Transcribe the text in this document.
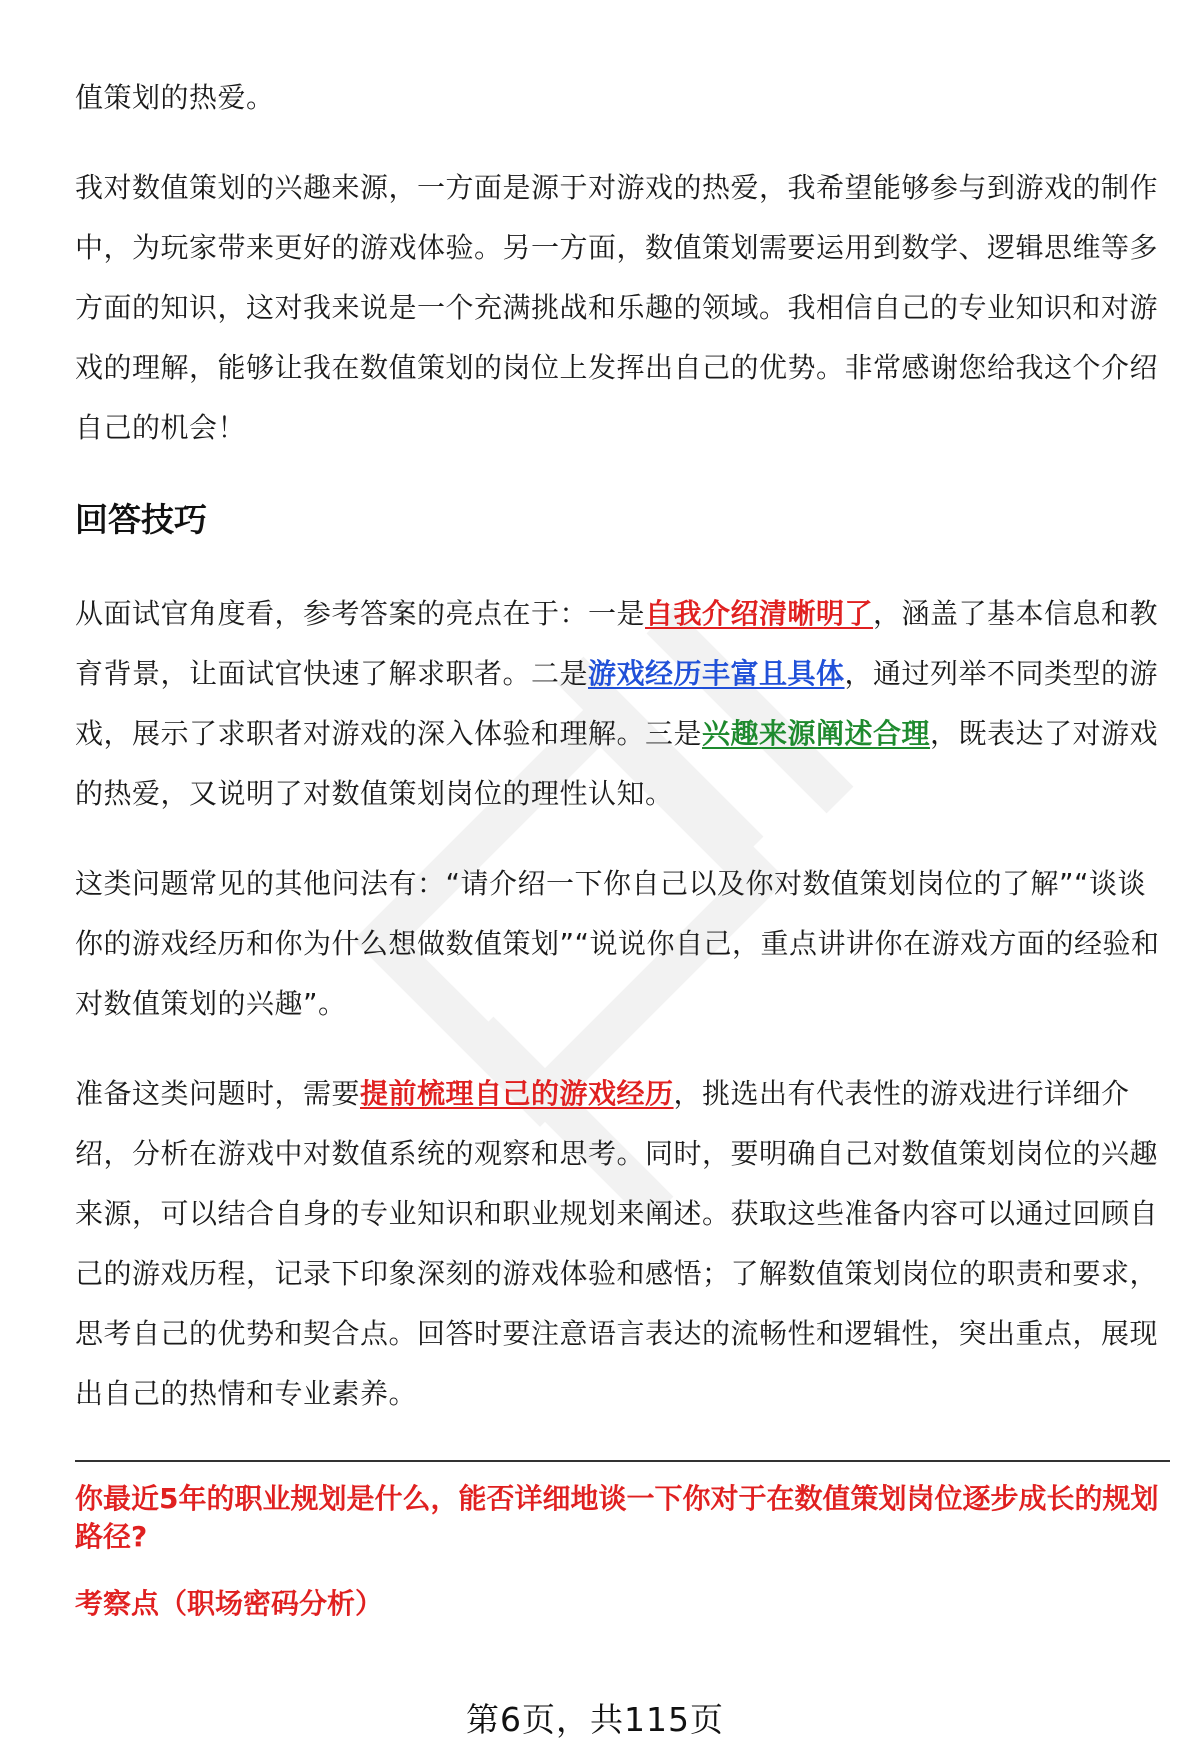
值策划的热爱。

我对数值策划的兴趣来源，一方面是源于对游戏的热爱，我希望能够参与到游戏的制作中，为玩家带来更好的游戏体验。另一方面，数值策划需要运用到数学、逻辑思维等多方面的知识，这对我来说是一个充满挑战和乐趣的领域。我相信自己的专业知识和对游戏的理解，能够让我在数值策划的岗位上发挥出自己的优势。非常感谢您给我这个介绍自己的机会！

回答技巧

从面试官角度看，参考答案的亮点在于：一是自我介绍清晰明了，涵盖了基本信息和教育背景，让面试官快速了解求职者。二是游戏经历丰富且具体，通过列举不同类型的游戏，展示了求职者对游戏的深入体验和理解。三是兴趣来源阐述合理，既表达了对游戏的热爱，又说明了对数值策划岗位的理性认知。

这类问题常见的其他问法有：“请介绍一下你自己以及你对数值策划岗位的了解”“谈谈你的游戏经历和你为什么想做数值策划”“说说你自己，重点讲讲你在游戏方面的经验和对数值策划的兴趣”。

准备这类问题时，需要提前梳理自己的游戏经历，挑选出有代表性的游戏进行详细介绍，分析在游戏中对数值系统的观察和思考。同时，要明确自己对数值策划岗位的兴趣来源，可以结合自身的专业知识和职业规划来阐述。获取这些准备内容可以通过回顾自己的游戏历程，记录下印象深刻的游戏体验和感悟；了解数值策划岗位的职责和要求，思考自己的优势和契合点。回答时要注意语言表达的流畅性和逻辑性，突出重点，展现出自己的热情和专业素养。

你最近5年的职业规划是什么，能否详细地谈一下你对于在数值策划岗位逐步成长的规划路径?
考察点（职场密码分析）
第6页，共115页
